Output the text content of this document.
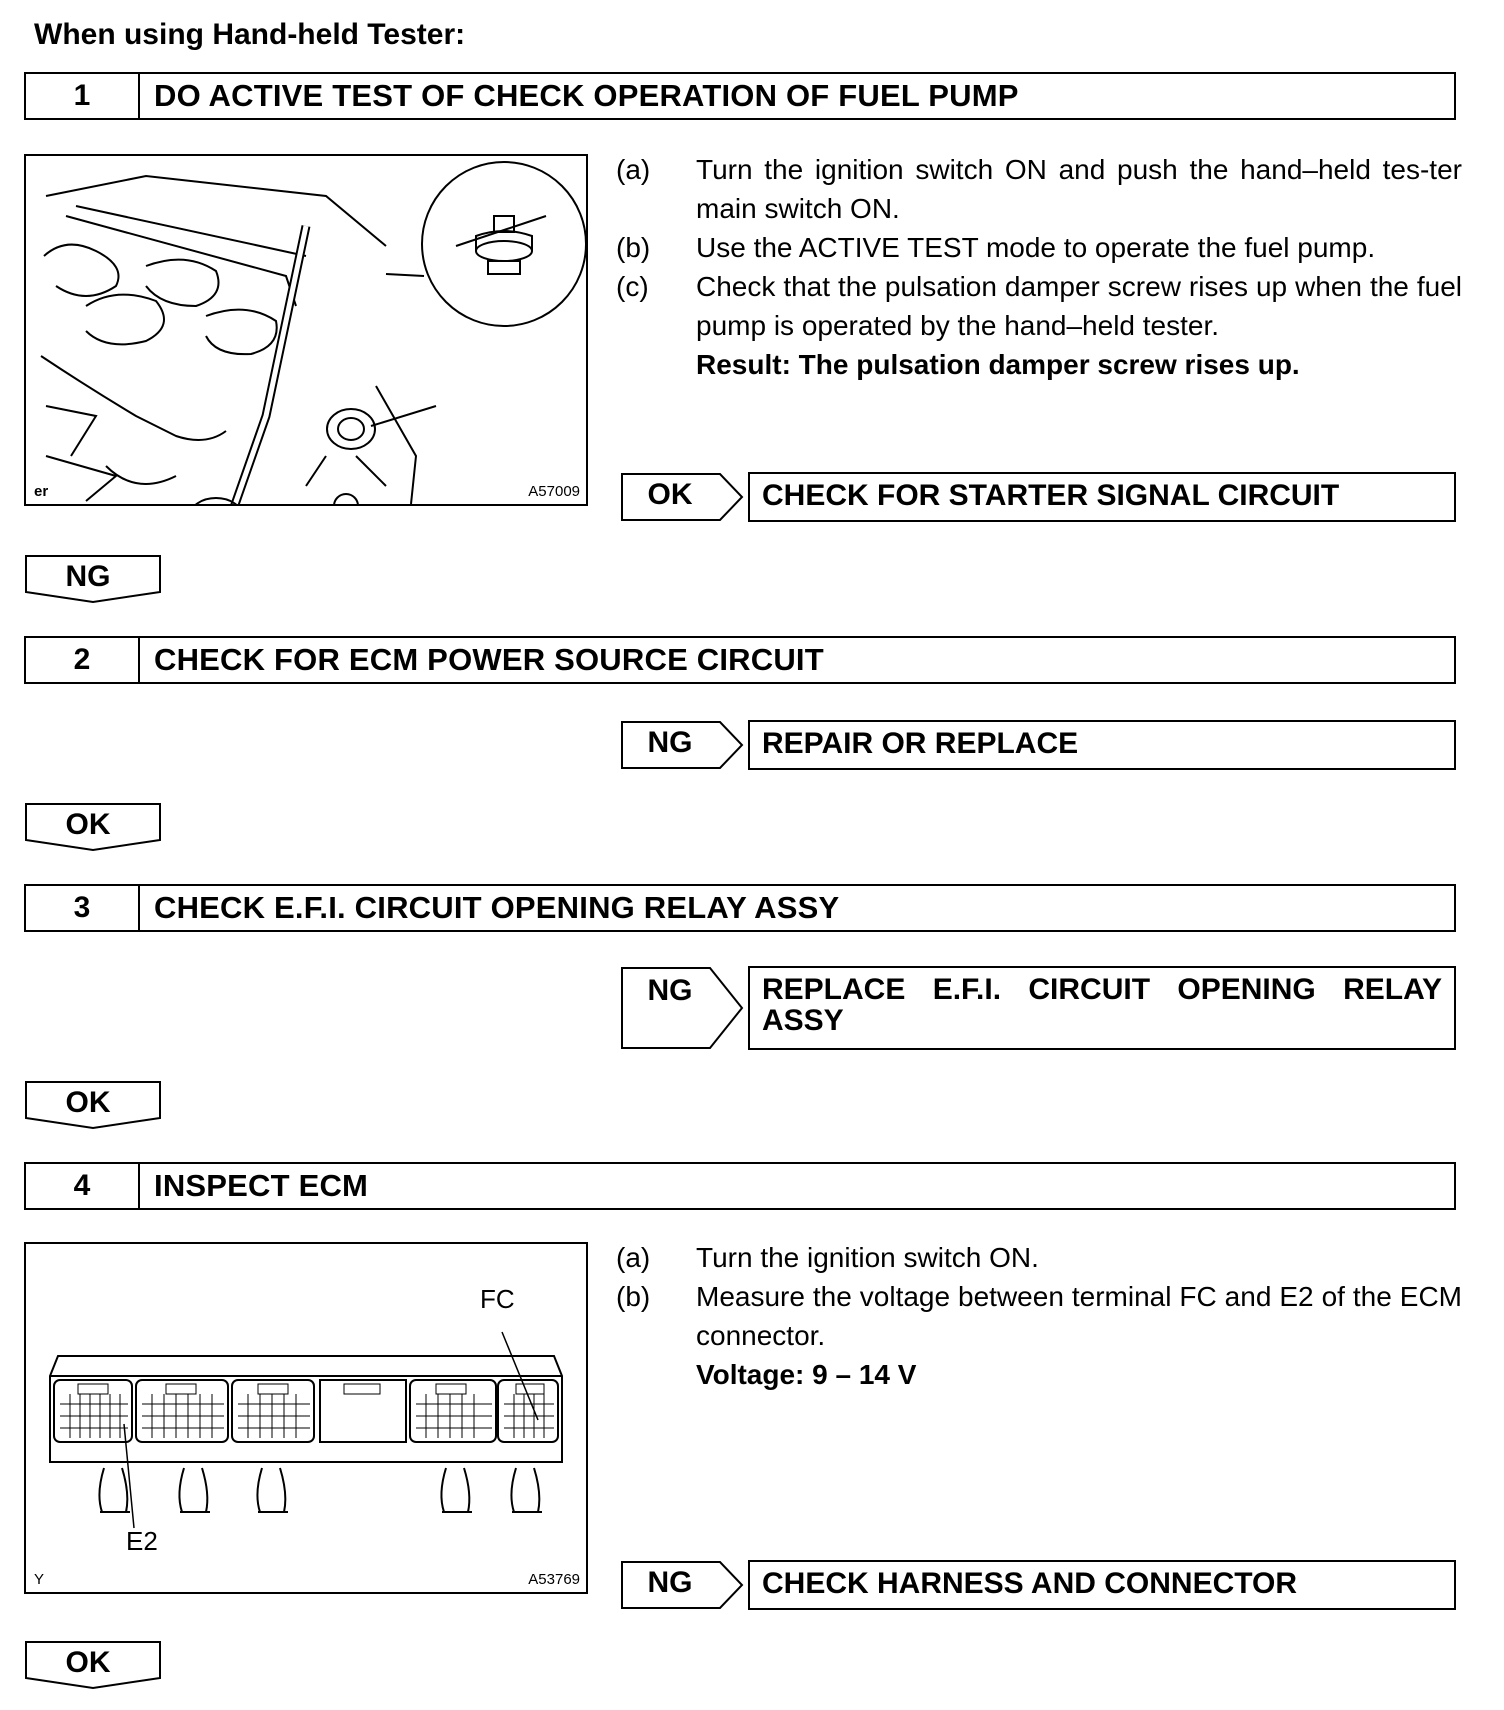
When using Hand-held Tester:
1	DO ACTIVE TEST OF CHECK OPERATION OF FUEL PUMP
er	A57009
(a)	Turn the ignition switch ON and push the hand–held tes-ter main switch ON.
(b)	Use the ACTIVE TEST mode to operate the fuel pump.
(c)	Check that the pulsation damper screw rises up when the fuel pump is operated by the hand–held tester.
Result: The pulsation damper screw rises up.
OK	CHECK FOR STARTER SIGNAL CIRCUIT
NG
2	CHECK FOR ECM POWER SOURCE CIRCUIT
NG	REPAIR OR REPLACE
OK
3	CHECK E.F.I. CIRCUIT OPENING RELAY ASSY
NG	REPLACE E.F.I. CIRCUIT OPENING RELAY ASSY
OK
4	INSPECT ECM
FC
E2
Y	A53769
(a)	Turn the ignition switch ON.
(b)	Measure the voltage between terminal FC and E2 of the ECM connector.
Voltage: 9 – 14 V
NG	CHECK HARNESS AND CONNECTOR
OK
